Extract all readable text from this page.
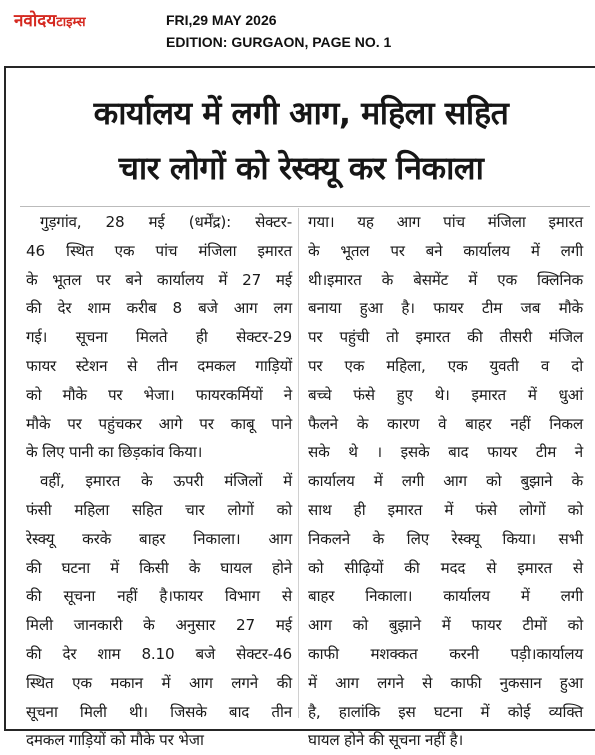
नवोदयटाइम्स	FRI,29 MAY 2026
EDITION: GURGAON, PAGE NO. 1
कार्यालय में लगी आग, महिला सहित
चार लोगों को रेस्क्यू कर निकाला
गुड़गांव, 28 मई (धर्मेंद्र): सेक्टर-
46 स्थित एक पांच मंजिला इमारत
के भूतल पर बने कार्यालय में 27 मई
की देर शाम करीब 8 बजे आग लग
गई। सूचना मिलते ही सेक्टर-29
फायर स्टेशन से तीन दमकल गाड़ियों
को मौके पर भेजा। फायरकर्मियों ने
मौके पर पहुंचकर आगे पर काबू पाने
के लिए पानी का छिड़कांव किया।
वहीं, इमारत के ऊपरी मंजिलों में
फंसी महिला सहित चार लोगों को
रेस्क्यू करके बाहर निकाला। आग
की घटना में किसी के घायल होने
की सूचना नहीं है।फायर विभाग से
मिली जानकारी के अनुसार 27 मई
की देर शाम 8.10 बजे सेक्टर-46
स्थित एक मकान में आग लगने की
सूचना मिली थी। जिसके बाद तीन
दमकल गाड़ियों को मौके पर भेजा
गया। यह आग पांच मंजिला इमारत
के भूतल पर बने कार्यालय में लगी
थी।इमारत के बेसमेंट में एक क्लिनिक
बनाया हुआ है। फायर टीम जब मौके
पर पहुंची तो इमारत की तीसरी मंजिल
पर एक महिला, एक युवती व दो
बच्चे फंसे हुए थे। इमारत में धुआं
फैलने के कारण वे बाहर नहीं निकल
सके थे । इसके बाद फायर टीम ने
कार्यालय में लगी आग को बुझाने के
साथ ही इमारत में फंसे लोगों को
निकलने के लिए रेस्क्यू किया। सभी
को सीढ़ियों की मदद से इमारत से
बाहर निकाला। कार्यालय में लगी
आग को बुझाने में फायर टीमों को
काफी मशक्कत करनी पड़ी।कार्यालय
में आग लगने से काफी नुकसान हुआ
है, हालांकि इस घटना में कोई व्यक्ति
घायल होने की सूचना नहीं है।
